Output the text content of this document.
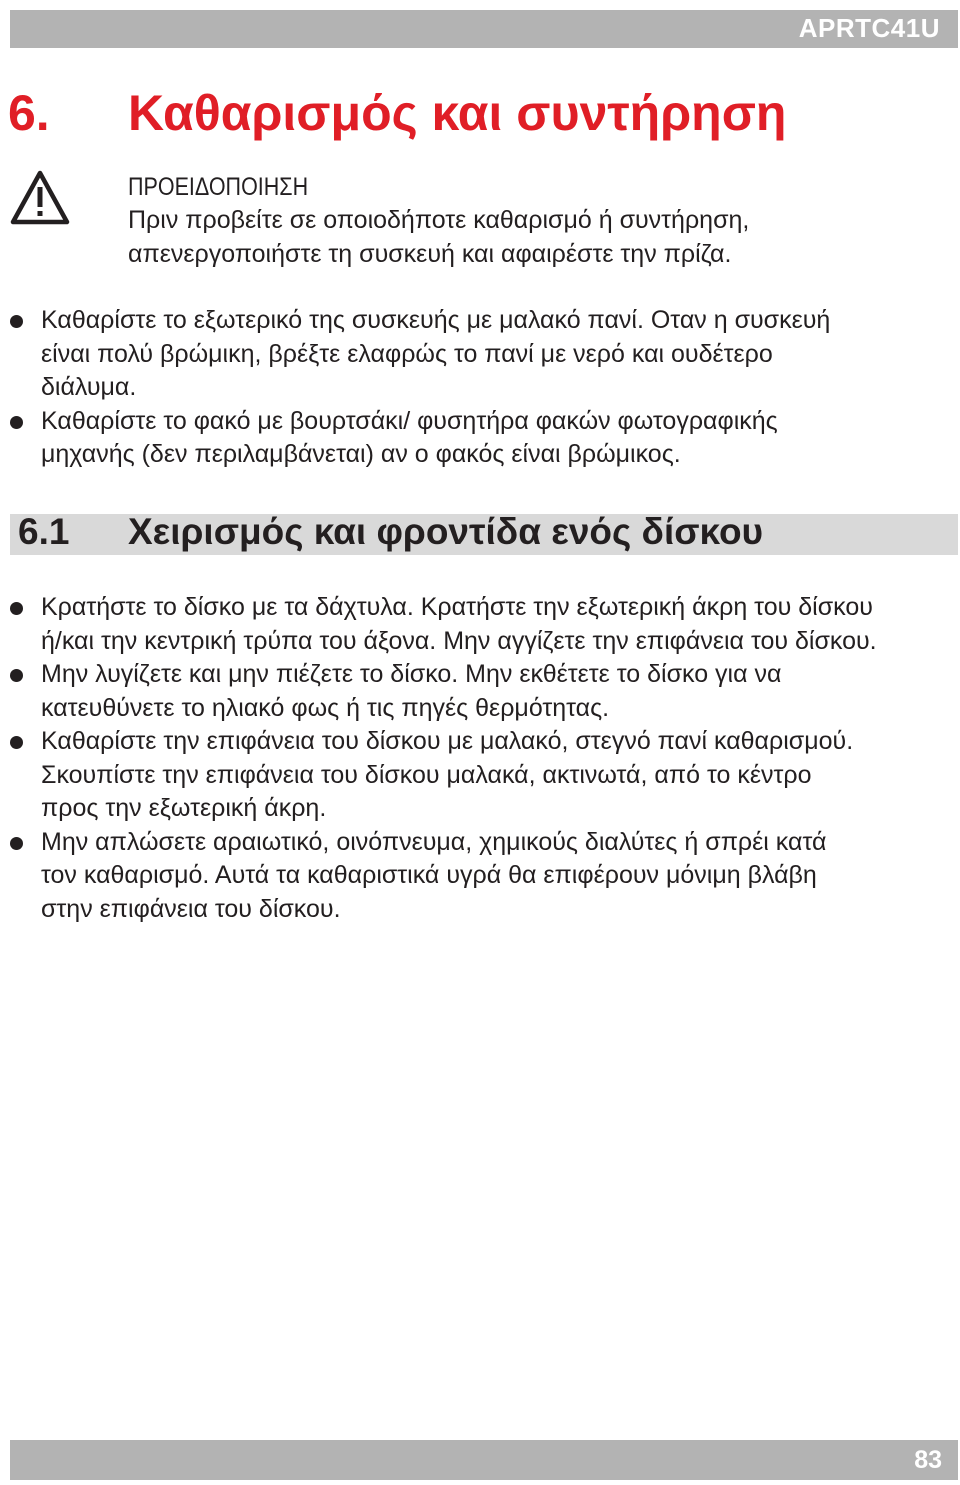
APRTC41U
6. Καθαρισμός και συντήρηση
ΠΡΟΕΙΔΟΠΟΙΗΣΗ
Πριν προβείτε σε οποιοδήποτε καθαρισμό ή συντήρηση,
απενεργοποιήστε τη συσκευή και αφαιρέστε την πρίζα.
Καθαρίστε το εξωτερικό της συσκευής με μαλακό πανί. Οταν η συσκευή
είναι πολύ βρώμικη, βρέξτε ελαφρώς το πανί με νερό και ουδέτερο
διάλυμα.
Καθαρίστε το φακό με βουρτσάκι/ φυσητήρα φακών φωτογραφικής
μηχανής (δεν περιλαμβάνεται) αν ο φακός είναι βρώμικος.
6.1 Χειρισμός και φροντίδα ενός δίσκου
Κρατήστε το δίσκο με τα δάχτυλα. Κρατήστε την εξωτερική άκρη του δίσκου
ή/και την κεντρική τρύπα του άξονα. Μην αγγίζετε την επιφάνεια του δίσκου.
Μην λυγίζετε και μην πιέζετε το δίσκο. Μην εκθέτετε το δίσκο για να
κατευθύνετε το ηλιακό φως ή τις πηγές θερμότητας.
Καθαρίστε την επιφάνεια του δίσκου με μαλακό, στεγνό πανί καθαρισμού.
Σκουπίστε την επιφάνεια του δίσκου μαλακά, ακτινωτά, από το κέντρο
προς την εξωτερική άκρη.
Μην απλώσετε αραιωτικό, οινόπνευμα, χημικούς διαλύτες ή σπρέι κατά
τον καθαρισμό. Αυτά τα καθαριστικά υγρά θα επιφέρουν μόνιμη βλάβη
στην επιφάνεια του δίσκου.
83
